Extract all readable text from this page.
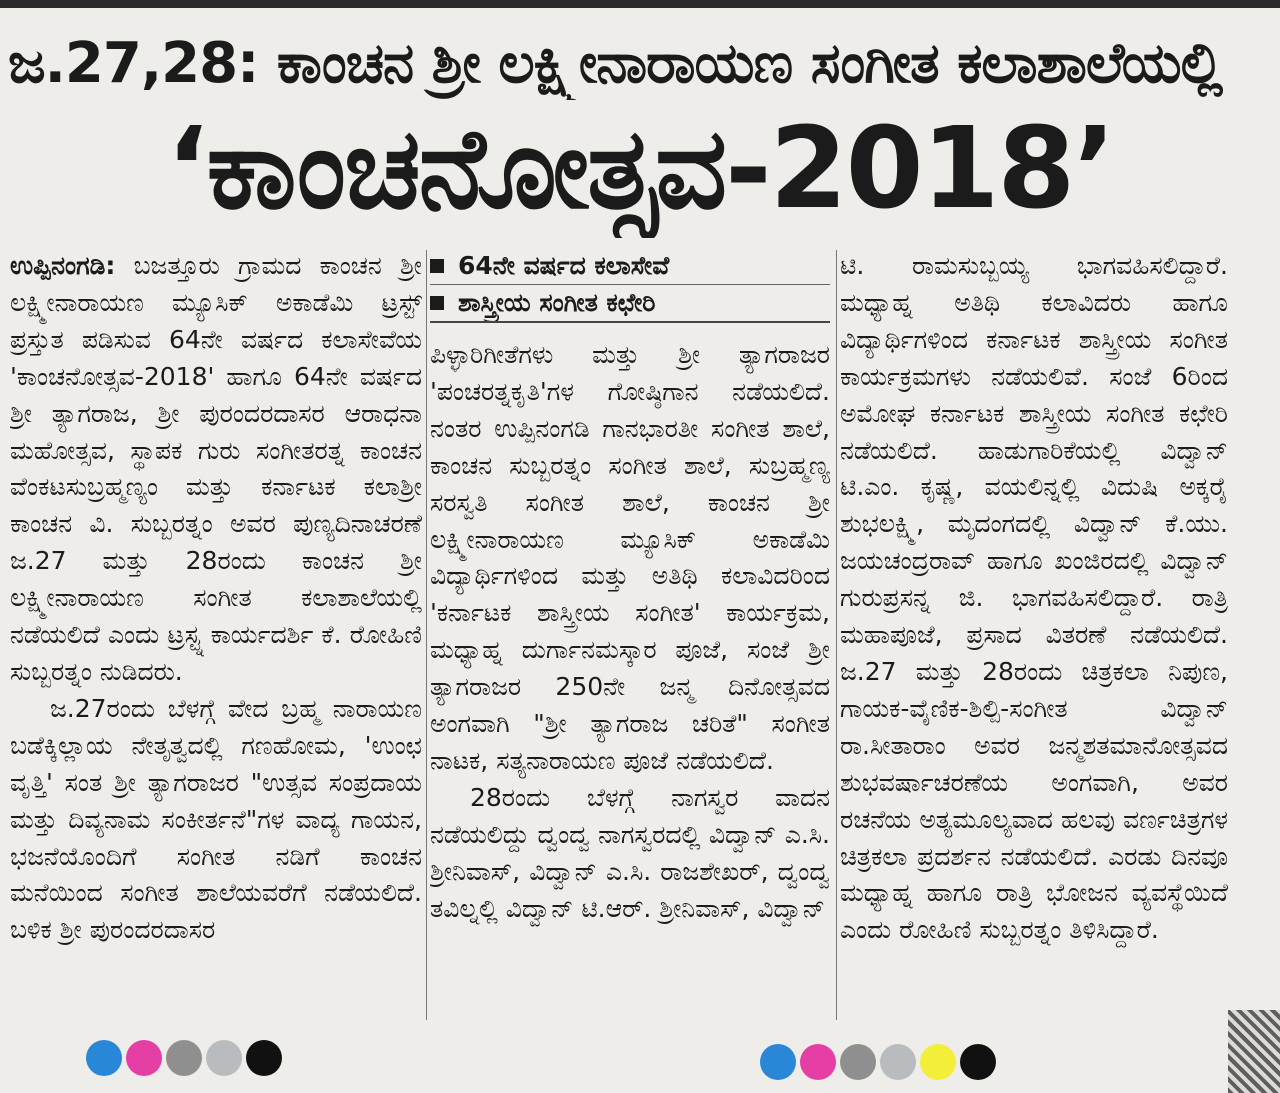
ಜ.27,28: ಕಾಂಚನ ಶ್ರೀ ಲಕ್ಷ್ಮೀನಾರಾಯಣ ಸಂಗೀತ ಕಲಾಶಾಲೆಯಲ್ಲಿ
‘ಕಾಂಚನೋತ್ಸವ-2018’

ಉಪ್ಪಿನಂಗಡಿ: ಬಜತ್ತೂರು ಗ್ರಾಮದ ಕಾಂಚನ ಶ್ರೀ ಲಕ್ಷ್ಮೀನಾರಾಯಣ ಮ್ಯೂಸಿಕ್ ಅಕಾಡೆಮಿ ಟ್ರಸ್ಟ್ ಪ್ರಸ್ತುತ ಪಡಿಸುವ 64ನೇ ವರ್ಷದ ಕಲಾಸೇವೆಯ 'ಕಾಂಚನೋತ್ಸವ-2018' ಹಾಗೂ 64ನೇ ವರ್ಷದ ಶ್ರೀ ತ್ಯಾಗರಾಜ, ಶ್ರೀ ಪುರಂದರದಾಸರ ಆರಾಧನಾ ಮಹೋತ್ಸವ, ಸ್ಥಾಪಕ ಗುರು ಸಂಗೀತರತ್ನ ಕಾಂಚನ ವೆಂಕಟಸುಬ್ರಹ್ಮಣ್ಯಂ ಮತ್ತು ಕರ್ನಾಟಕ ಕಲಾಶ್ರೀ ಕಾಂಚನ ವಿ. ಸುಬ್ಬರತ್ನಂ ಅವರ ಪುಣ್ಯದಿನಾಚರಣೆ ಜ.27 ಮತ್ತು 28ರಂದು ಕಾಂಚನ ಶ್ರೀ ಲಕ್ಷ್ಮೀನಾರಾಯಣ ಸಂಗೀತ ಕಲಾಶಾಲೆಯಲ್ಲಿ ನಡೆಯಲಿದೆ ಎಂದು ಟ್ರಸ್ಟ್ನ ಕಾರ್ಯದರ್ಶಿ ಕೆ. ರೋಹಿಣಿ ಸುಬ್ಬರತ್ನಂ ನುಡಿದರು.

ಜ.27ರಂದು ಬೆಳಗ್ಗೆ ವೇದ ಬ್ರಹ್ಮ ನಾರಾಯಣ ಬಡೆಕ್ಕಿಲ್ಲಾಯ ನೇತೃತ್ವದಲ್ಲಿ ಗಣಹೋಮ, 'ಉಂಛ ವೃತ್ತಿ' ಸಂತ ಶ್ರೀ ತ್ಯಾಗರಾಜರ "ಉತ್ಸವ ಸಂಪ್ರದಾಯ ಮತ್ತು ದಿವ್ಯನಾಮ ಸಂಕೀರ್ತನೆ"ಗಳ ವಾದ್ಯ ಗಾಯನ, ಭಜನೆಯೊಂದಿಗೆ ಸಂಗೀತ ನಡಿಗೆ ಕಾಂಚನ ಮನೆಯಿಂದ ಸಂಗೀತ ಶಾಲೆಯವರೆಗೆ ನಡೆಯಲಿದೆ. ಬಳಿಕ ಶ್ರೀ ಪುರಂದರದಾಸರ

64ನೇ ವರ್ಷದ ಕಲಾಸೇವೆ
ಶಾಸ್ತ್ರೀಯ ಸಂಗೀತ ಕಛೇರಿ

ಪಿಳ್ಳಾರಿಗೀತೆಗಳು ಮತ್ತು ಶ್ರೀ ತ್ಯಾಗರಾಜರ 'ಪಂಚರತ್ನಕೃತಿ'ಗಳ ಗೋಷ್ಠಿಗಾನ ನಡೆಯಲಿದೆ. ನಂತರ ಉಪ್ಪಿನಂಗಡಿ ಗಾನಭಾರತೀ ಸಂಗೀತ ಶಾಲೆ, ಕಾಂಚನ ಸುಬ್ಬರತ್ನಂ ಸಂಗೀತ ಶಾಲೆ, ಸುಬ್ರಹ್ಮಣ್ಯ ಸರಸ್ವತಿ ಸಂಗೀತ ಶಾಲೆ, ಕಾಂಚನ ಶ್ರೀ ಲಕ್ಷ್ಮೀನಾರಾಯಣ ಮ್ಯೂಸಿಕ್ ಅಕಾಡೆಮಿ ವಿದ್ಯಾರ್ಥಿಗಳಿಂದ ಮತ್ತು ಅತಿಥಿ ಕಲಾವಿದರಿಂದ 'ಕರ್ನಾಟಕ ಶಾಸ್ತ್ರೀಯ ಸಂಗೀತ' ಕಾರ್ಯಕ್ರಮ, ಮಧ್ಯಾಹ್ನ ದುರ್ಗಾನಮಸ್ಕಾರ ಪೂಜೆ, ಸಂಜೆ ಶ್ರೀ ತ್ಯಾಗರಾಜರ 250ನೇ ಜನ್ಮ ದಿನೋತ್ಸವದ ಅಂಗವಾಗಿ "ಶ್ರೀ ತ್ಯಾಗರಾಜ ಚರಿತೆ" ಸಂಗೀತ ನಾಟಕ, ಸತ್ಯನಾರಾಯಣ ಪೂಜೆ ನಡೆಯಲಿದೆ.

28ರಂದು ಬೆಳಗ್ಗೆ ನಾಗಸ್ವರ ವಾದನ ನಡೆಯಲಿದ್ದು ದ್ವಂದ್ವ ನಾಗಸ್ವರದಲ್ಲಿ ವಿದ್ವಾನ್ ಎ.ಸಿ. ಶ್ರೀನಿವಾಸ್, ವಿದ್ವಾನ್ ಎ.ಸಿ. ರಾಜಶೇಖರ್, ದ್ವಂದ್ವ ತವಿಲ್ನಲ್ಲಿ ವಿದ್ವಾನ್ ಟಿ.ಆರ್. ಶ್ರೀನಿವಾಸ್, ವಿದ್ವಾನ್

ಟಿ. ರಾಮಸುಬ್ಬಯ್ಯ ಭಾಗವಹಿಸಲಿದ್ದಾರೆ. ಮಧ್ಯಾಹ್ನ ಅತಿಥಿ ಕಲಾವಿದರು ಹಾಗೂ ವಿದ್ಯಾರ್ಥಿಗಳಿಂದ ಕರ್ನಾಟಕ ಶಾಸ್ತ್ರೀಯ ಸಂಗೀತ ಕಾರ್ಯಕ್ರಮಗಳು ನಡೆಯಲಿವೆ. ಸಂಜೆ 6ರಿಂದ ಅಮೋಘ ಕರ್ನಾಟಕ ಶಾಸ್ತ್ರೀಯ ಸಂಗೀತ ಕಛೇರಿ ನಡೆಯಲಿದೆ. ಹಾಡುಗಾರಿಕೆಯಲ್ಲಿ ವಿದ್ವಾನ್ ಟಿ.ಎಂ. ಕೃಷ್ಣ, ವಯಲಿನ್ನಲ್ಲಿ ವಿದುಷಿ ಅಕ್ಕರೈ ಶುಭಲಕ್ಷ್ಮಿ, ಮೃದಂಗದಲ್ಲಿ ವಿದ್ವಾನ್ ಕೆ.ಯು. ಜಯಚಂದ್ರರಾವ್ ಹಾಗೂ ಖಂಜಿರದಲ್ಲಿ ವಿದ್ವಾನ್ ಗುರುಪ್ರಸನ್ನ ಜಿ. ಭಾಗವಹಿಸಲಿದ್ದಾರೆ. ರಾತ್ರಿ ಮಹಾಪೂಜೆ, ಪ್ರಸಾದ ವಿತರಣೆ ನಡೆಯಲಿದೆ. ಜ.27 ಮತ್ತು 28ರಂದು ಚಿತ್ರಕಲಾ ನಿಪುಣ, ಗಾಯಕ-ವೈಣಿಕ-ಶಿಲ್ಪಿ-ಸಂಗೀತ ವಿದ್ವಾನ್ ರಾ.ಸೀತಾರಾಂ ಅವರ ಜನ್ಮಶತಮಾನೋತ್ಸವದ ಶುಭವರ್ಷಾಚರಣೆಯ ಅಂಗವಾಗಿ, ಅವರ ರಚನೆಯ ಅತ್ಯಮೂಲ್ಯವಾದ ಹಲವು ವರ್ಣಚಿತ್ರಗಳ ಚಿತ್ರಕಲಾ ಪ್ರದರ್ಶನ ನಡೆಯಲಿದೆ. ಎರಡು ದಿನವೂ ಮಧ್ಯಾಹ್ನ ಹಾಗೂ ರಾತ್ರಿ ಭೋಜನ ವ್ಯವಸ್ಥೆಯಿದೆ ಎಂದು ರೋಹಿಣಿ ಸುಬ್ಬರತ್ನಂ ತಿಳಿಸಿದ್ದಾರೆ.
